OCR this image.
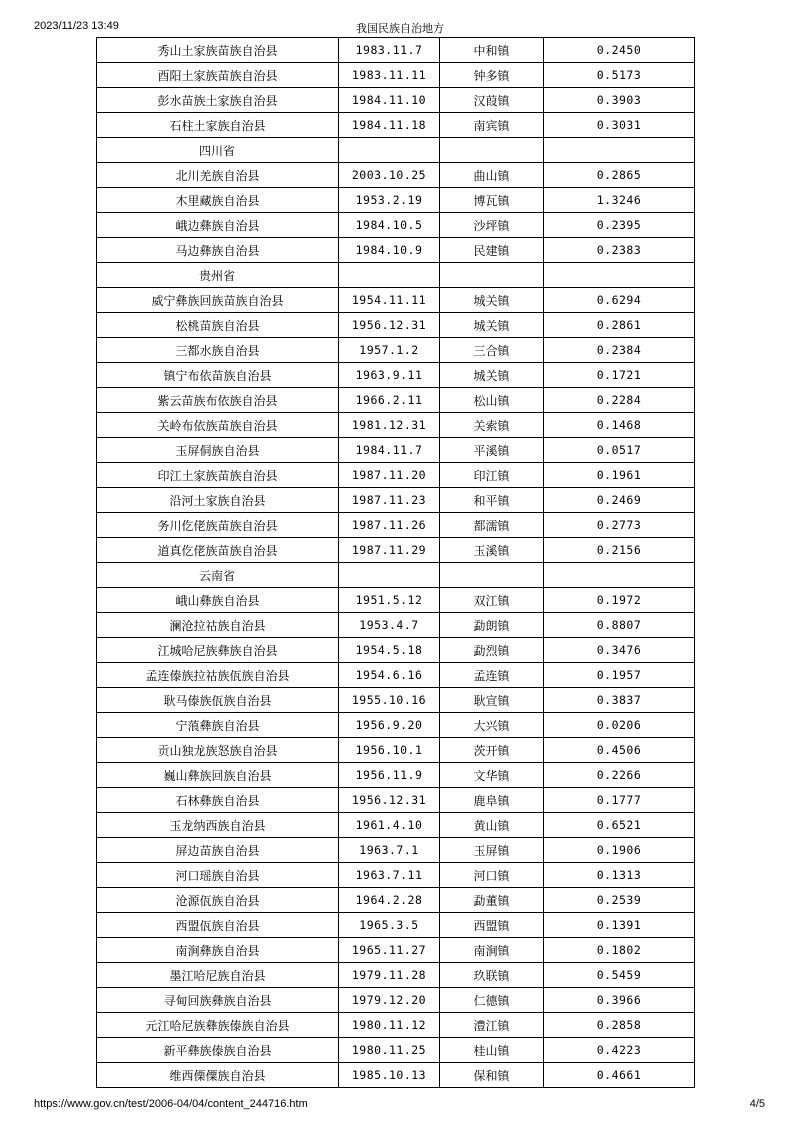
2023/11/23 13:49	我国民族自治地方
秀山土家族苗族自治县	1983.11.7	中和镇	0.2450
酉阳土家族苗族自治县	1983.11.11	钟多镇	0.5173
彭水苗族土家族自治县	1984.11.10	汉葭镇	0.3903
石柱土家族自治县	1984.11.18	南宾镇	0.3031
四川省			
北川羌族自治县	2003.10.25	曲山镇	0.2865
木里藏族自治县	1953.2.19	博瓦镇	1.3246
峨边彝族自治县	1984.10.5	沙坪镇	0.2395
马边彝族自治县	1984.10.9	民建镇	0.2383
贵州省			
威宁彝族回族苗族自治县	1954.11.11	城关镇	0.6294
松桃苗族自治县	1956.12.31	城关镇	0.2861
三都水族自治县	1957.1.2	三合镇	0.2384
镇宁布依苗族自治县	1963.9.11	城关镇	0.1721
紫云苗族布依族自治县	1966.2.11	松山镇	0.2284
关岭布依族苗族自治县	1981.12.31	关索镇	0.1468
玉屏侗族自治县	1984.11.7	平溪镇	0.0517
印江土家族苗族自治县	1987.11.20	印江镇	0.1961
沿河土家族自治县	1987.11.23	和平镇	0.2469
务川仡佬族苗族自治县	1987.11.26	都濡镇	0.2773
道真仡佬族苗族自治县	1987.11.29	玉溪镇	0.2156
云南省			
峨山彝族自治县	1951.5.12	双江镇	0.1972
澜沧拉祜族自治县	1953.4.7	勐朗镇	0.8807
江城哈尼族彝族自治县	1954.5.18	勐烈镇	0.3476
孟连傣族拉祜族佤族自治县	1954.6.16	孟连镇	0.1957
耿马傣族佤族自治县	1955.10.16	耿宣镇	0.3837
宁蒗彝族自治县	1956.9.20	大兴镇	0.0206
贡山独龙族怒族自治县	1956.10.1	茨开镇	0.4506
巍山彝族回族自治县	1956.11.9	文华镇	0.2266
石林彝族自治县	1956.12.31	鹿阜镇	0.1777
玉龙纳西族自治县	1961.4.10	黄山镇	0.6521
屏边苗族自治县	1963.7.1	玉屏镇	0.1906
河口瑶族自治县	1963.7.11	河口镇	0.1313
沧源佤族自治县	1964.2.28	勐董镇	0.2539
西盟佤族自治县	1965.3.5	西盟镇	0.1391
南涧彝族自治县	1965.11.27	南涧镇	0.1802
墨江哈尼族自治县	1979.11.28	玖联镇	0.5459
寻甸回族彝族自治县	1979.12.20	仁德镇	0.3966
元江哈尼族彝族傣族自治县	1980.11.12	澧江镇	0.2858
新平彝族傣族自治县	1980.11.25	桂山镇	0.4223
维西傈僳族自治县	1985.10.13	保和镇	0.4661
https://www.gov.cn/test/2006-04/04/content_244716.htm	4/5
